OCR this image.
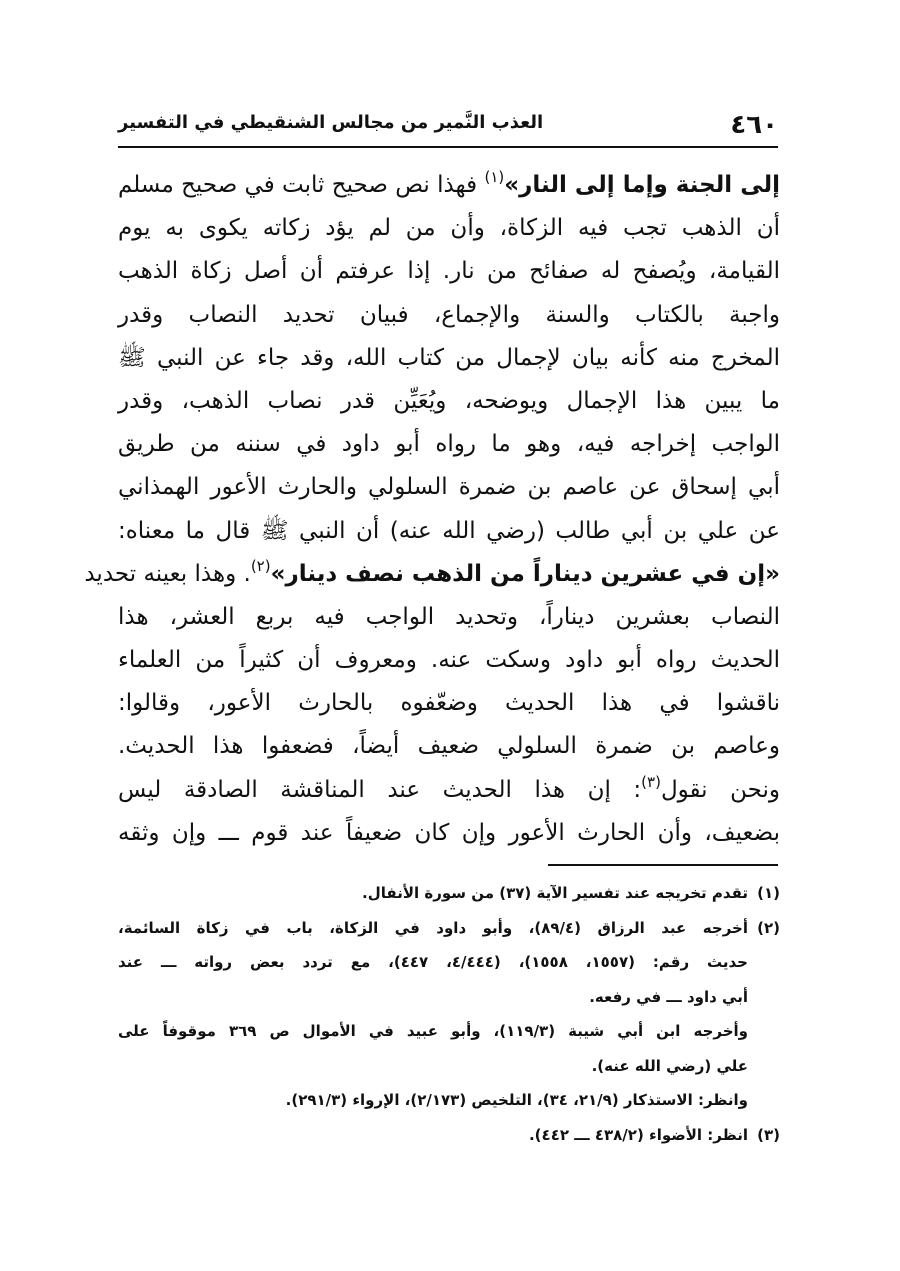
٤٦٠
العذب النَّمير من مجالس الشنقيطي في التفسير
إلى الجنة وإما إلى النار»$^{(١)}$ فهذا نص صحيح ثابت في صحيح مسلم
أن الذهب تجب فيه الزكاة، وأن من لم يؤد زكاته يكوى به يوم
القيامة، ويُصفح له صفائح من نار. إذا عرفتم أن أصل زكاة الذهب
واجبة بالكتاب والسنة والإجماع، فبيان تحديد النصاب وقدر
المخرج منه كأنه بيان لإجمال من كتاب الله، وقد جاء عن النبي ﷺ
ما يبين هذا الإجمال ويوضحه، ويُعَيِّن قدر نصاب الذهب، وقدر
الواجب إخراجه فيه، وهو ما رواه أبو داود في سننه من طريق
أبي إسحاق عن عاصم بن ضمرة السلولي والحارث الأعور الهمذاني
عن علي بن أبي طالب (رضي الله عنه) أن النبي ﷺ قال ما معناه:
«إن في عشرين ديناراً من الذهب نصف دينار»$^{(٢)}$. وهذا بعينه تحديد
النصاب بعشرين ديناراً، وتحديد الواجب فيه بربع العشر، هذا
الحديث رواه أبو داود وسكت عنه. ومعروف أن كثيراً من العلماء
ناقشوا في هذا الحديث وضعّفوه بالحارث الأعور، وقالوا:
وعاصم بن ضمرة السلولي ضعيف أيضاً، فضعفوا هذا الحديث.
ونحن نقول$^{(٣)}$: إن هذا الحديث عند المناقشة الصادقة ليس
بضعيف، وأن الحارث الأعور وإن كان ضعيفاً عند قوم ـــ وإن وثقه
(١)تقدم تخريجه عند تفسير الآية (٣٧) من سورة الأنفال.
(٢)أخرجه عبد الرزاق (٨٩/٤)، وأبو داود في الزكاة، باب في زكاة السائمة،
حديث رقم: (١٥٥٧، ١٥٥٨)، (٤/٤٤٤، ٤٤٧)، مع تردد بعض رواته ـــ عند
أبي داود ـــ في رفعه.
وأخرجه ابن أبي شيبة (١١٩/٣)، وأبو عبيد في الأموال ص ٣٦٩ موقوفاً على
علي (رضي الله عنه).
وانظر: الاستذكار (٢١/٩، ٣٤)، التلخيص (٢/١٧٣)، الإرواء (٢٩١/٣).
(٣)انظر: الأضواء (٤٣٨/٢ ـــ ٤٤٢).
